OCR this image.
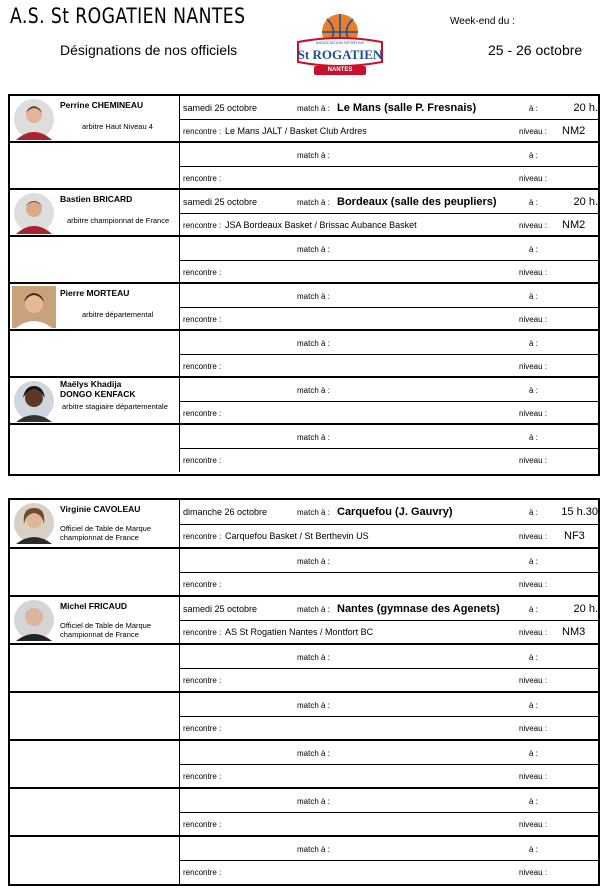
A.S. St ROGATIEN NANTES
Désignations de nos officiels
Week-end du :
25 - 26 octobre
ASSOCIATION SPORTIVE
St ROGATIEN
NANTES
Perrine CHEMINEAU
arbitre Haut Niveau 4
samedi 25 octobre	match à : Le Mans (salle P. Fresnais)	à :	20 h.
rencontre : Le Mans JALT / Basket Club Ardres	niveau : NM2
match à :	à :
rencontre :	niveau :
Bastien BRICARD
arbitre championnat de France
samedi 25 octobre	match à : Bordeaux (salle des peupliers)	à :	20 h.
rencontre : JSA Bordeaux Basket / Brissac Aubance Basket	niveau : NM2
match à :	à :
rencontre :	niveau :
Pierre MORTEAU
arbitre départemental
match à :	à :
rencontre :	niveau :
match à :	à :
rencontre :	niveau :
Maëlys Khadija
DONGO KENFACK
arbitre stagiaire départementale
match à :	à :
rencontre :	niveau :
match à :	à :
rencontre :	niveau :
Virginie CAVOLEAU
Officiel de Table de Marque
championnat de France
dimanche 26 octobre	match à : Carquefou (J. Gauvry)	à :	15 h.30
rencontre : Carquefou Basket / St Berthevin US	niveau : NF3
match à :	à :
rencontre :	niveau :
Michel FRICAUD
Officiel de Table de Marque
championnat de France
samedi 25 octobre	match à : Nantes (gymnase des Agenets)	à :	20 h.
rencontre : AS St Rogatien Nantes / Montfort BC	niveau : NM3
match à :	à :
rencontre :	niveau :
match à :	à :
rencontre :	niveau :
match à :	à :
rencontre :	niveau :
match à :	à :
rencontre :	niveau :
match à :	à :
rencontre :	niveau :
